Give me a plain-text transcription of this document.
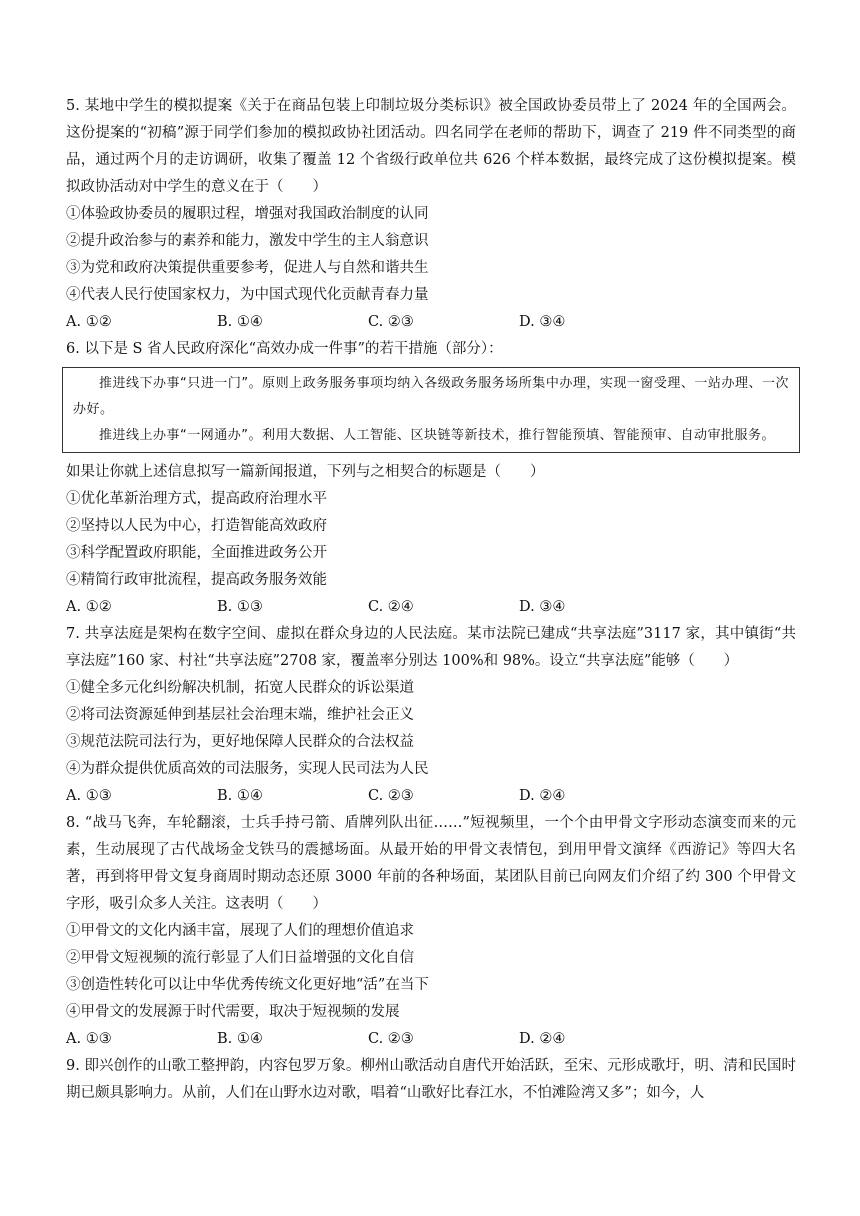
5. 某地中学生的模拟提案《关于在商品包装上印制垃圾分类标识》被全国政协委员带上了 2024 年的全国两会。这份提案的“初稿”源于同学们参加的模拟政协社团活动。四名同学在老师的帮助下，调查了 219 件不同类型的商品，通过两个月的走访调研，收集了覆盖 12 个省级行政单位共 626 个样本数据，最终完成了这份模拟提案。模拟政协活动对中学生的意义在于（　　）

①体验政协委员的履职过程，增强对我国政治制度的认同

②提升政治参与的素养和能力，激发中学生的主人翁意识

③为党和政府决策提供重要参考，促进人与自然和谐共生

④代表人民行使国家权力，为中国式现代化贡献青春力量

A. ①②	B. ①④	C. ②③	D. ③④

6. 以下是 S 省人民政府深化“高效办成一件事”的若干措施（部分）：

推进线下办事“只进一门”。原则上政务服务事项均纳入各级政务服务场所集中办理，实现一窗受理、一站办理、一次办好。

推进线上办事“一网通办”。利用大数据、人工智能、区块链等新技术，推行智能预填、智能预审、自动审批服务。

如果让你就上述信息拟写一篇新闻报道，下列与之相契合的标题是（　　）

①优化革新治理方式，提高政府治理水平

②坚持以人民为中心，打造智能高效政府

③科学配置政府职能，全面推进政务公开

④精简行政审批流程，提高政务服务效能

A. ①②	B. ①③	C. ②④	D. ③④

7. 共享法庭是架构在数字空间、虚拟在群众身边的人民法庭。某市法院已建成“共享法庭”3117 家，其中镇街“共享法庭”160 家、村社“共享法庭”2708 家，覆盖率分别达 100%和 98%。设立“共享法庭”能够（　　）

①健全多元化纠纷解决机制，拓宽人民群众的诉讼渠道

②将司法资源延伸到基层社会治理末端，维护社会正义

③规范法院司法行为，更好地保障人民群众的合法权益

④为群众提供优质高效的司法服务，实现人民司法为人民

A. ①③	B. ①④	C. ②③	D. ②④

8. “战马飞奔，车轮翻滚，士兵手持弓箭、盾牌列队出征……”短视频里，一个个由甲骨文字形动态演变而来的元素，生动展现了古代战场金戈铁马的震撼场面。从最开始的甲骨文表情包，到用甲骨文演绎《西游记》等四大名著，再到将甲骨文复身商周时期动态还原 3000 年前的各种场面，某团队目前已向网友们介绍了约 300 个甲骨文字形，吸引众多人关注。这表明（　　）

①甲骨文的文化内涵丰富，展现了人们的理想价值追求

②甲骨文短视频的流行彰显了人们日益增强的文化自信

③创造性转化可以让中华优秀传统文化更好地“活”在当下

④甲骨文的发展源于时代需要，取决于短视频的发展

A. ①③	B. ①④	C. ②③	D. ②④

9. 即兴创作的山歌工整押韵，内容包罗万象。柳州山歌活动自唐代开始活跃，至宋、元形成歌圩，明、清和民国时期已颇具影响力。从前，人们在山野水边对歌，唱着“山歌好比春江水，不怕滩险湾又多”；如今，人
